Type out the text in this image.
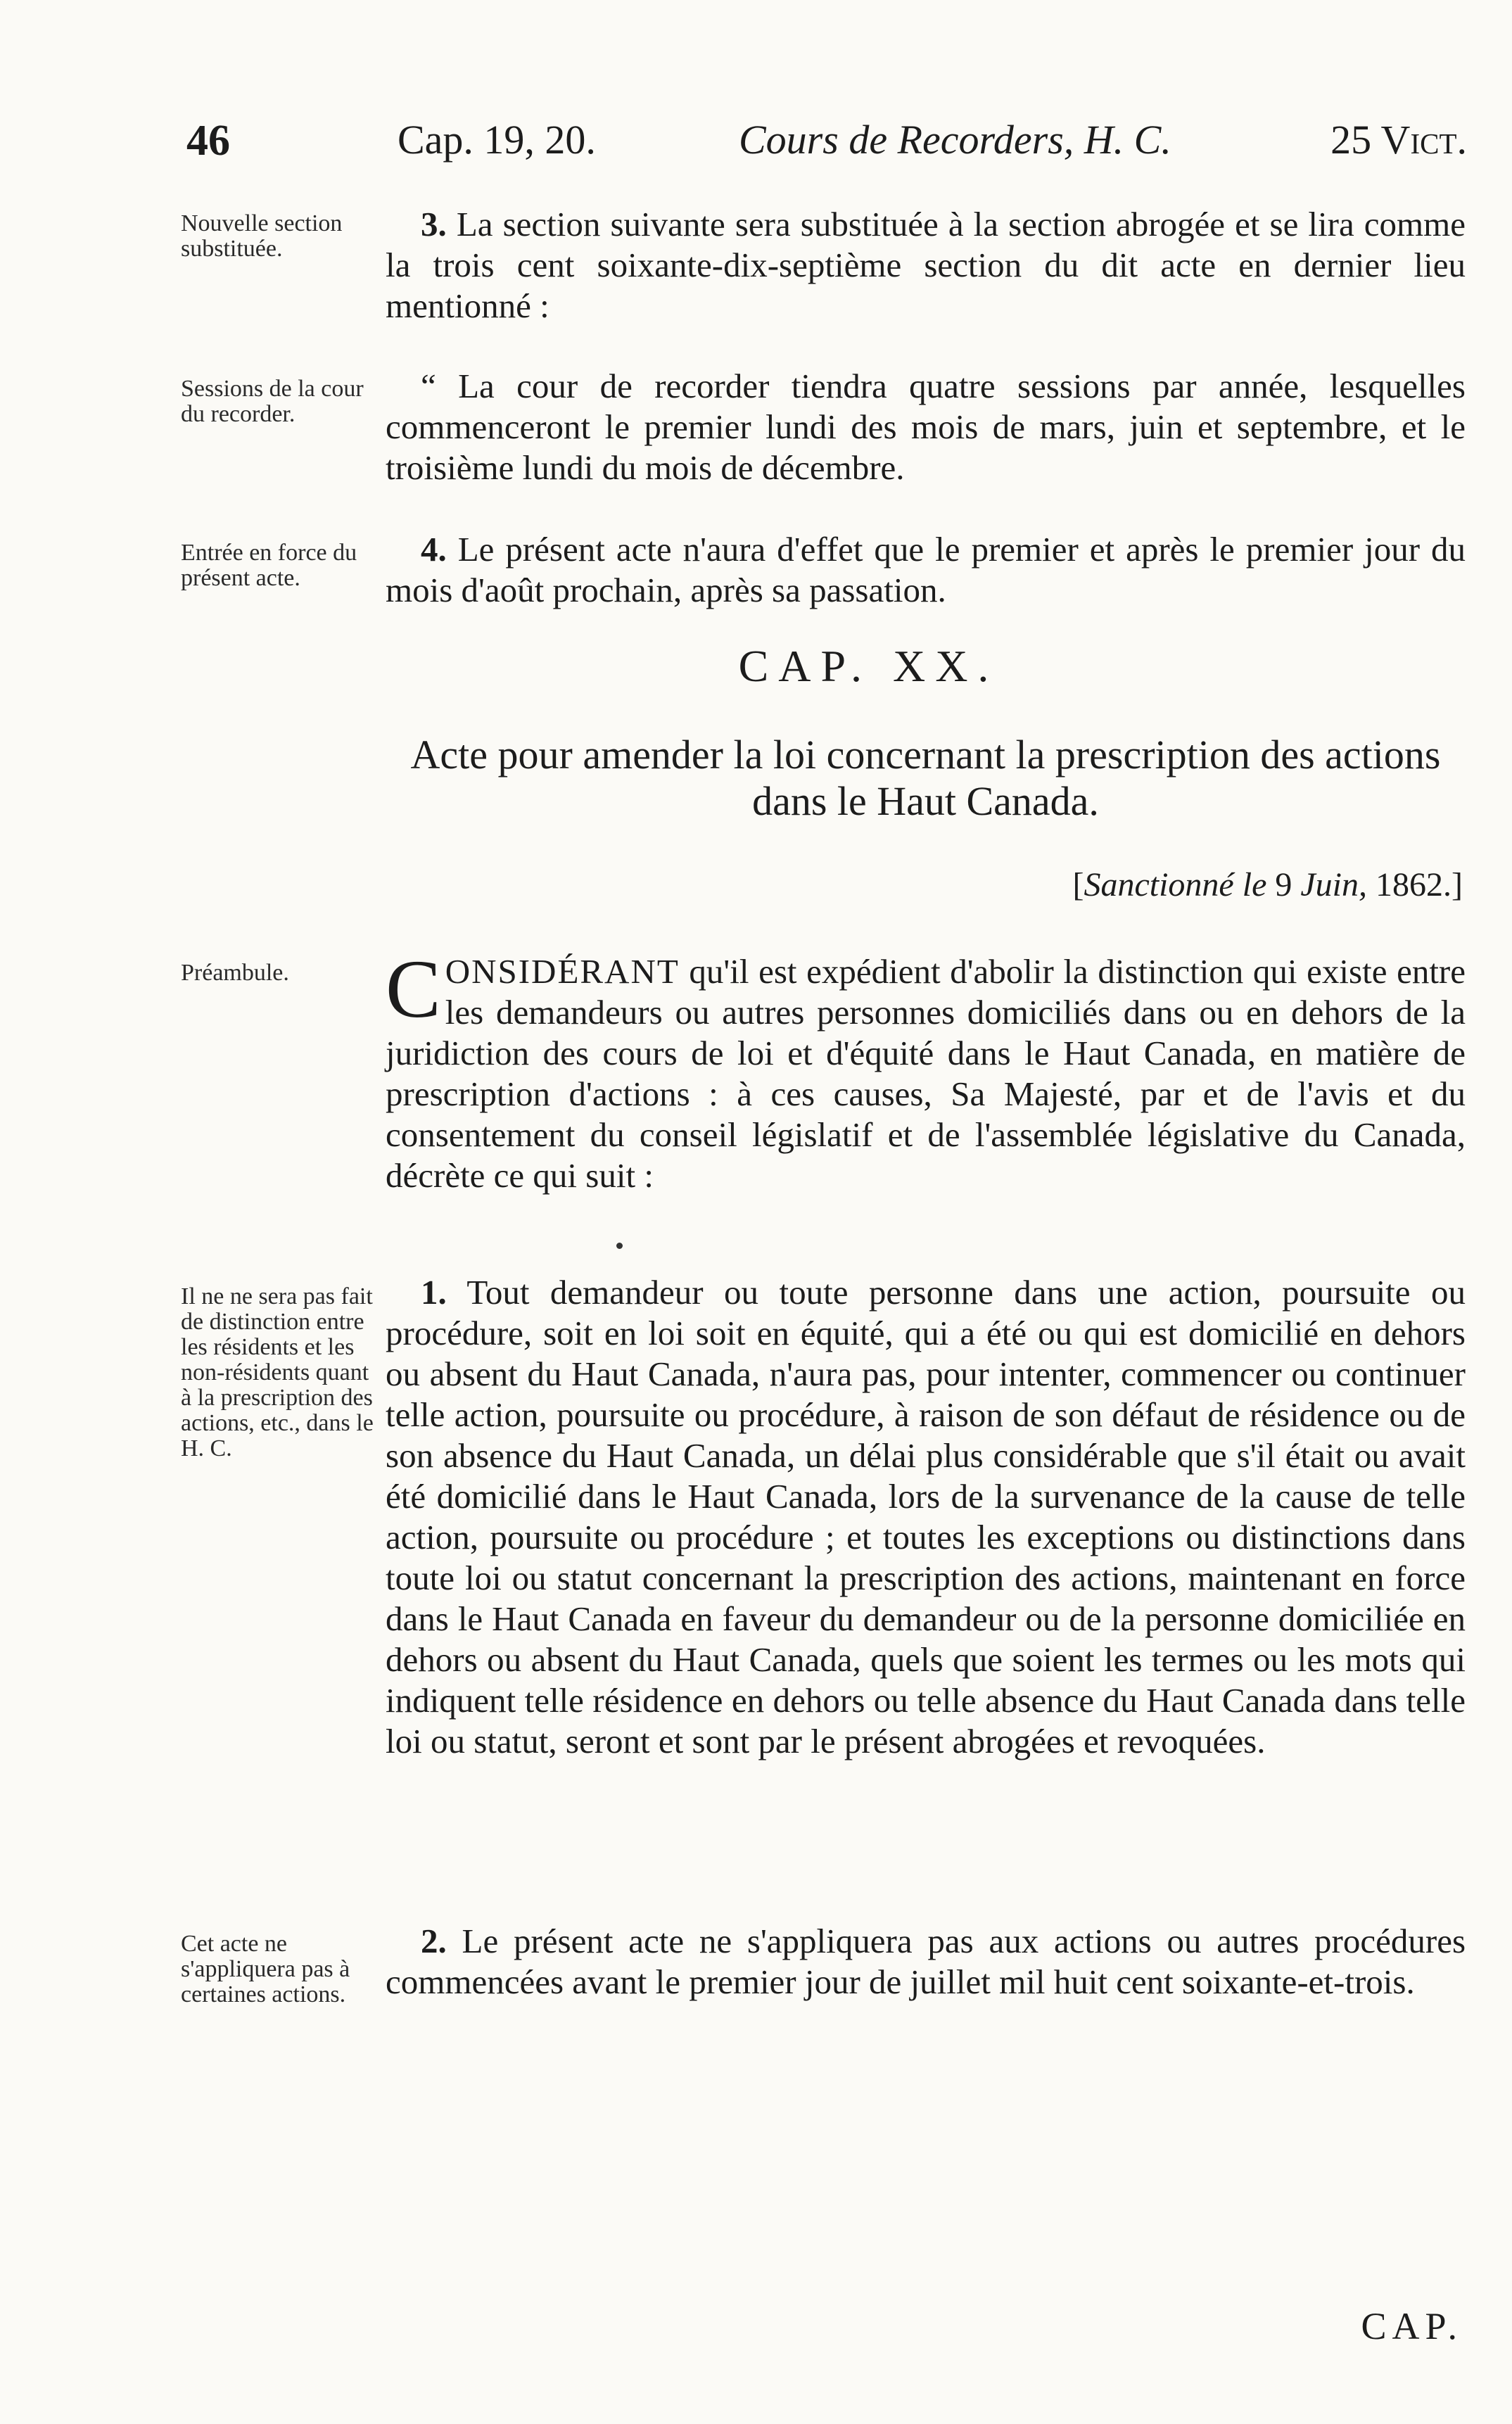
46	Cap. 19, 20.	Cours de Recorders, H. C.	25 Vict.
Nouvelle section substituée.
3. La section suivante sera substituée à la section abrogée et se lira comme la trois cent soixante-dix-septième section du dit acte en dernier lieu mentionné :
Sessions de la cour du recorder.
“ La cour de recorder tiendra quatre sessions par année, lesquelles commenceront le premier lundi des mois de mars, juin et septembre, et le troisième lundi du mois de décembre.
Entrée en force du présent acte.
4. Le présent acte n'aura d'effet que le premier et après le premier jour du mois d'août prochain, après sa passation.
CAP. XX.
Acte pour amender la loi concernant la prescription des actions dans le Haut Canada.
[Sanctionné le 9 Juin, 1862.]
Préambule.	CONSIDÉRANT qu'il est expédient d'abolir la distinction qui existe entre les demandeurs ou autres personnes domiciliés dans ou en dehors de la juridiction des cours de loi et d'équité dans le Haut Canada, en matière de prescription d'actions : à ces causes, Sa Majesté, par et de l'avis et du consentement du conseil législatif et de l'assemblée législative du Canada, décrète ce qui suit :
Il ne ne sera pas fait de distinction entre les résidents et les non-résidents quant à la prescription des actions, etc., dans le H. C.
1. Tout demandeur ou toute personne dans une action, poursuite ou procédure, soit en loi soit en équité, qui a été ou qui est domicilié en dehors ou absent du Haut Canada, n'aura pas, pour intenter, commencer ou continuer telle action, poursuite ou procédure, à raison de son défaut de résidence ou de son absence du Haut Canada, un délai plus considérable que s'il était ou avait été domicilié dans le Haut Canada, lors de la survenance de la cause de telle action, poursuite ou procédure ; et toutes les exceptions ou distinctions dans toute loi ou statut concernant la prescription des actions, maintenant en force dans le Haut Canada en faveur du demandeur ou de la personne domiciliée en dehors ou absent du Haut Canada, quels que soient les termes ou les mots qui indiquent telle résidence en dehors ou telle absence du Haut Canada dans telle loi ou statut, seront et sont par le présent abrogées et revoquées.
Cet acte ne s'appliquera pas à certaines actions.
2. Le présent acte ne s'appliquera pas aux actions ou autres procédures commencées avant le premier jour de juillet mil huit cent soixante-et-trois.
CAP.
